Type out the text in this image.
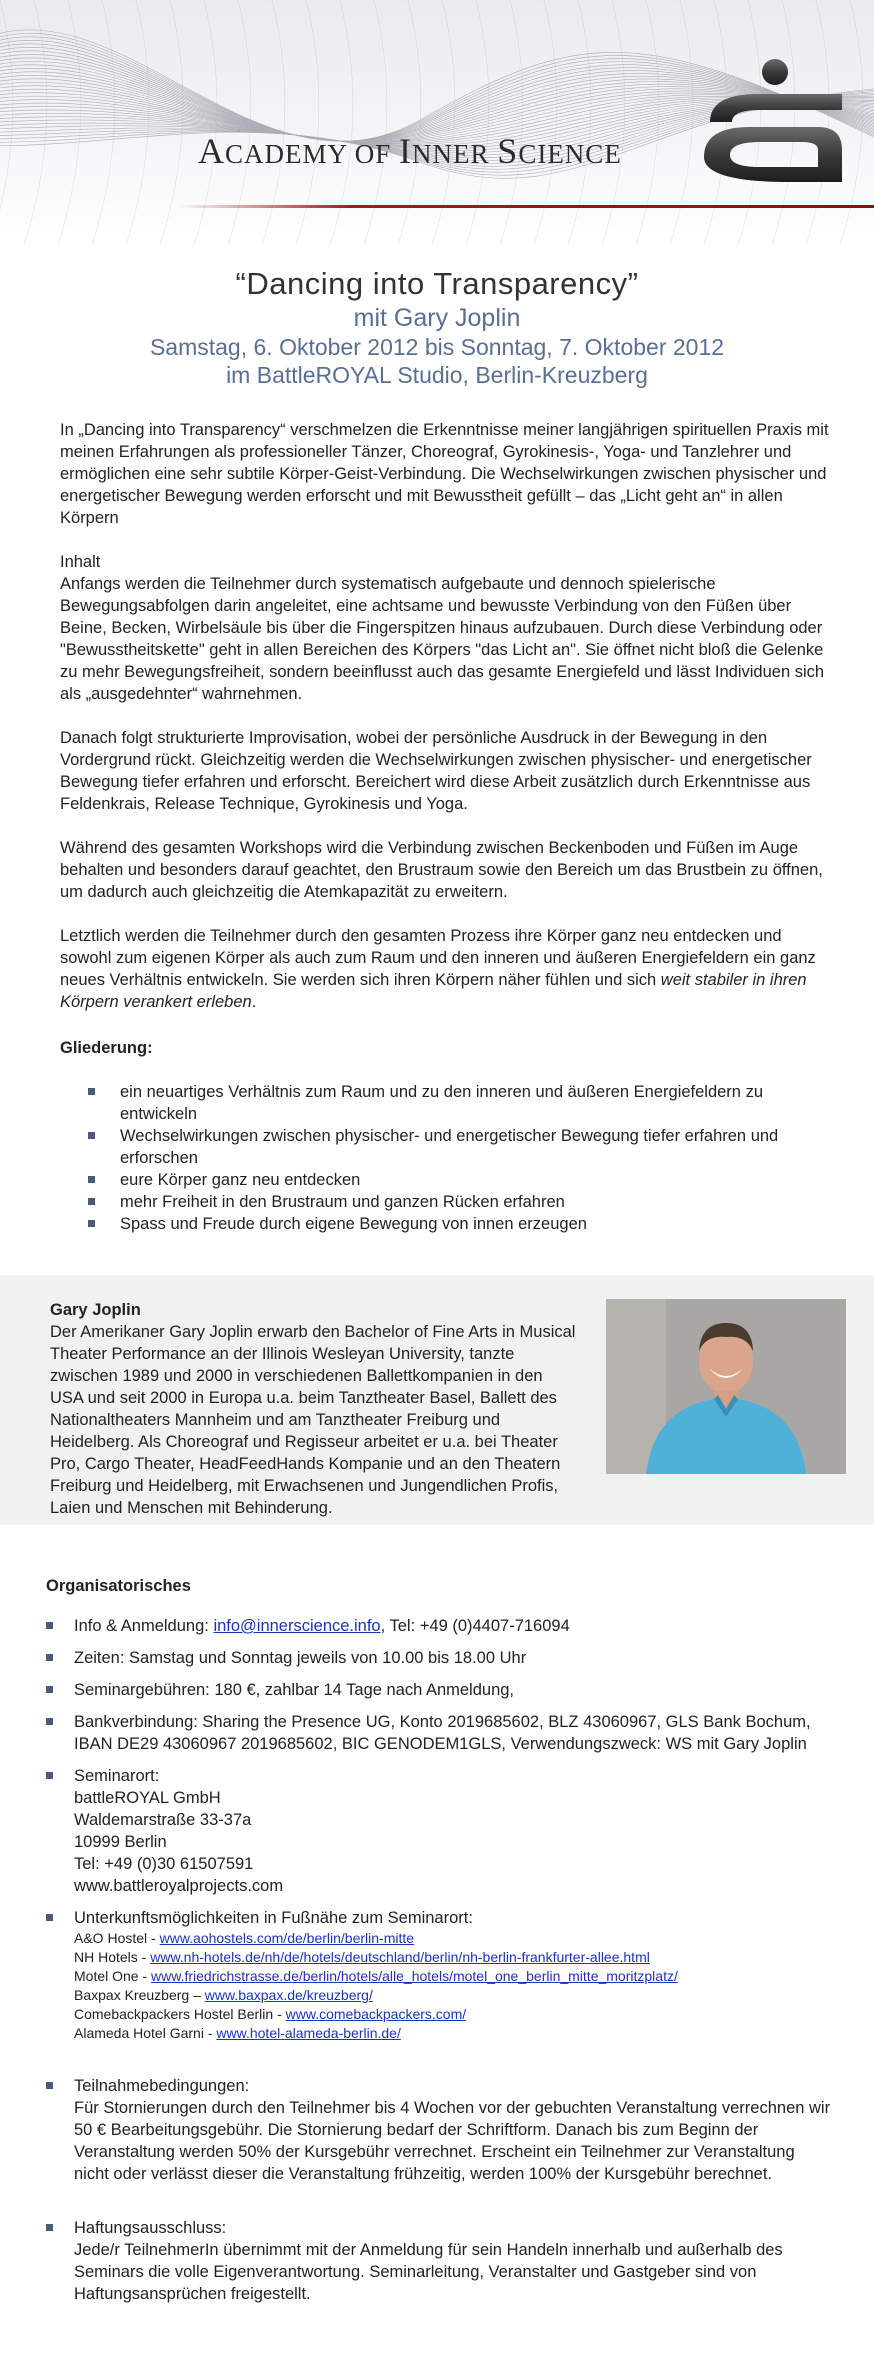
ACADEMY OF INNER SCIENCE
“Dancing into Transparency”
mit Gary Joplin
Samstag, 6. Oktober 2012 bis Sonntag, 7. Oktober 2012
im BattleROYAL Studio, Berlin-Kreuzberg

In „Dancing into Transparency“ verschmelzen die Erkenntnisse meiner langjährigen spirituellen Praxis mit meinen Erfahrungen als professioneller Tänzer, Choreograf, Gyrokinesis-, Yoga- und Tanzlehrer und ermöglichen eine sehr subtile Körper-Geist-Verbindung. Die Wechselwirkungen zwischen physischer und energetischer Bewegung werden erforscht und mit Bewusstheit gefüllt – das „Licht geht an“ in allen Körpern

Inhalt
Anfangs werden die Teilnehmer durch systematisch aufgebaute und dennoch spielerische Bewegungsabfolgen darin angeleitet, eine achtsame und bewusste Verbindung von den Füßen über Beine, Becken, Wirbelsäule bis über die Fingerspitzen hinaus aufzubauen. Durch diese Verbindung oder "Bewusstheitskette" geht in allen Bereichen des Körpers "das Licht an". Sie öffnet nicht bloß die Gelenke zu mehr Bewegungsfreiheit, sondern beeinflusst auch das gesamte Energiefeld und lässt Individuen sich als „ausgedehnter“ wahrnehmen.

Danach folgt strukturierte Improvisation, wobei der persönliche Ausdruck in der Bewegung in den Vordergrund rückt. Gleichzeitig werden die Wechselwirkungen zwischen physischer- und energetischer Bewegung tiefer erfahren und erforscht. Bereichert wird diese Arbeit zusätzlich durch Erkenntnisse aus Feldenkrais, Release Technique, Gyrokinesis und Yoga.

Während des gesamten Workshops wird die Verbindung zwischen Beckenboden und Füßen im Auge behalten und besonders darauf geachtet, den Brustraum sowie den Bereich um das Brustbein zu öffnen, um dadurch auch gleichzeitig die Atemkapazität zu erweitern.

Letztlich werden die Teilnehmer durch den gesamten Prozess ihre Körper ganz neu entdecken und sowohl zum eigenen Körper als auch zum Raum und den inneren und äußeren Energiefeldern ein ganz neues Verhältnis entwickeln. Sie werden sich ihren Körpern näher fühlen und sich weit stabiler in ihren Körpern verankert erleben.

Gliederung:

ein neuartiges Verhältnis zum Raum und zu den inneren und äußeren Energiefeldern zu entwickeln
Wechselwirkungen zwischen physischer- und energetischer Bewegung tiefer erfahren und erforschen
eure Körper ganz neu entdecken
mehr Freiheit in den Brustraum und ganzen Rücken erfahren
Spass und Freude durch eigene Bewegung von innen erzeugen
Gary Joplin
Der Amerikaner Gary Joplin erwarb den Bachelor of Fine Arts in Musical Theater Performance an der Illinois Wesleyan University, tanzte zwischen 1989 und 2000 in verschiedenen Ballettkompanien in den USA und seit 2000 in Europa u.a. beim Tanztheater Basel, Ballett des Nationaltheaters Mannheim und am Tanztheater Freiburg und Heidelberg. Als Choreograf und Regisseur arbeitet er u.a. bei Theater Pro, Cargo Theater, HeadFeedHands Kompanie und an den Theatern Freiburg und Heidelberg, mit Erwachsenen und Jungendlichen Profis, Laien und Menschen mit Behinderung.

Organisatorisches

Info & Anmeldung: info@innerscience.info, Tel: +49 (0)4407-716094
Zeiten: Samstag und Sonntag jeweils von 10.00 bis 18.00 Uhr
Seminargebühren: 180 €, zahlbar 14 Tage nach Anmeldung,
Bankverbindung: Sharing the Presence UG, Konto 2019685602, BLZ 43060967, GLS Bank Bochum, IBAN DE29 43060967 2019685602, BIC GENODEM1GLS, Verwendungszweck: WS mit Gary Joplin
Seminarort:
battleROYAL GmbH
Waldemarstraße 33-37a
10999 Berlin
Tel: +49 (0)30 61507591
www.battleroyalprojects.com
Unterkunftsmöglichkeiten in Fußnähe zum Seminarort:
A&O Hostel - www.aohostels.com/de/berlin/berlin-mitte
NH Hotels - www.nh-hotels.de/nh/de/hotels/deutschland/berlin/nh-berlin-frankfurter-allee.html
Motel One - www.friedrichstrasse.de/berlin/hotels/alle_hotels/motel_one_berlin_mitte_moritzplatz/
Baxpax Kreuzberg – www.baxpax.de/kreuzberg/
Comebackpackers Hostel Berlin - www.comebackpackers.com/
Alameda Hotel Garni - www.hotel-alameda-berlin.de/
Teilnahmebedingungen:
Für Stornierungen durch den Teilnehmer bis 4 Wochen vor der gebuchten Veranstaltung verrechnen wir 50 € Bearbeitungsgebühr. Die Stornierung bedarf der Schriftform. Danach bis zum Beginn der Veranstaltung werden 50% der Kursgebühr verrechnet. Erscheint ein Teilnehmer zur Veranstaltung nicht oder verlässt dieser die Veranstaltung frühzeitig, werden 100% der Kursgebühr berechnet.
Haftungsausschluss:
Jede/r TeilnehmerIn übernimmt mit der Anmeldung für sein Handeln innerhalb und außerhalb des Seminars die volle Eigenverantwortung. Seminarleitung, Veranstalter und Gastgeber sind von Haftungsansprüchen freigestellt.
